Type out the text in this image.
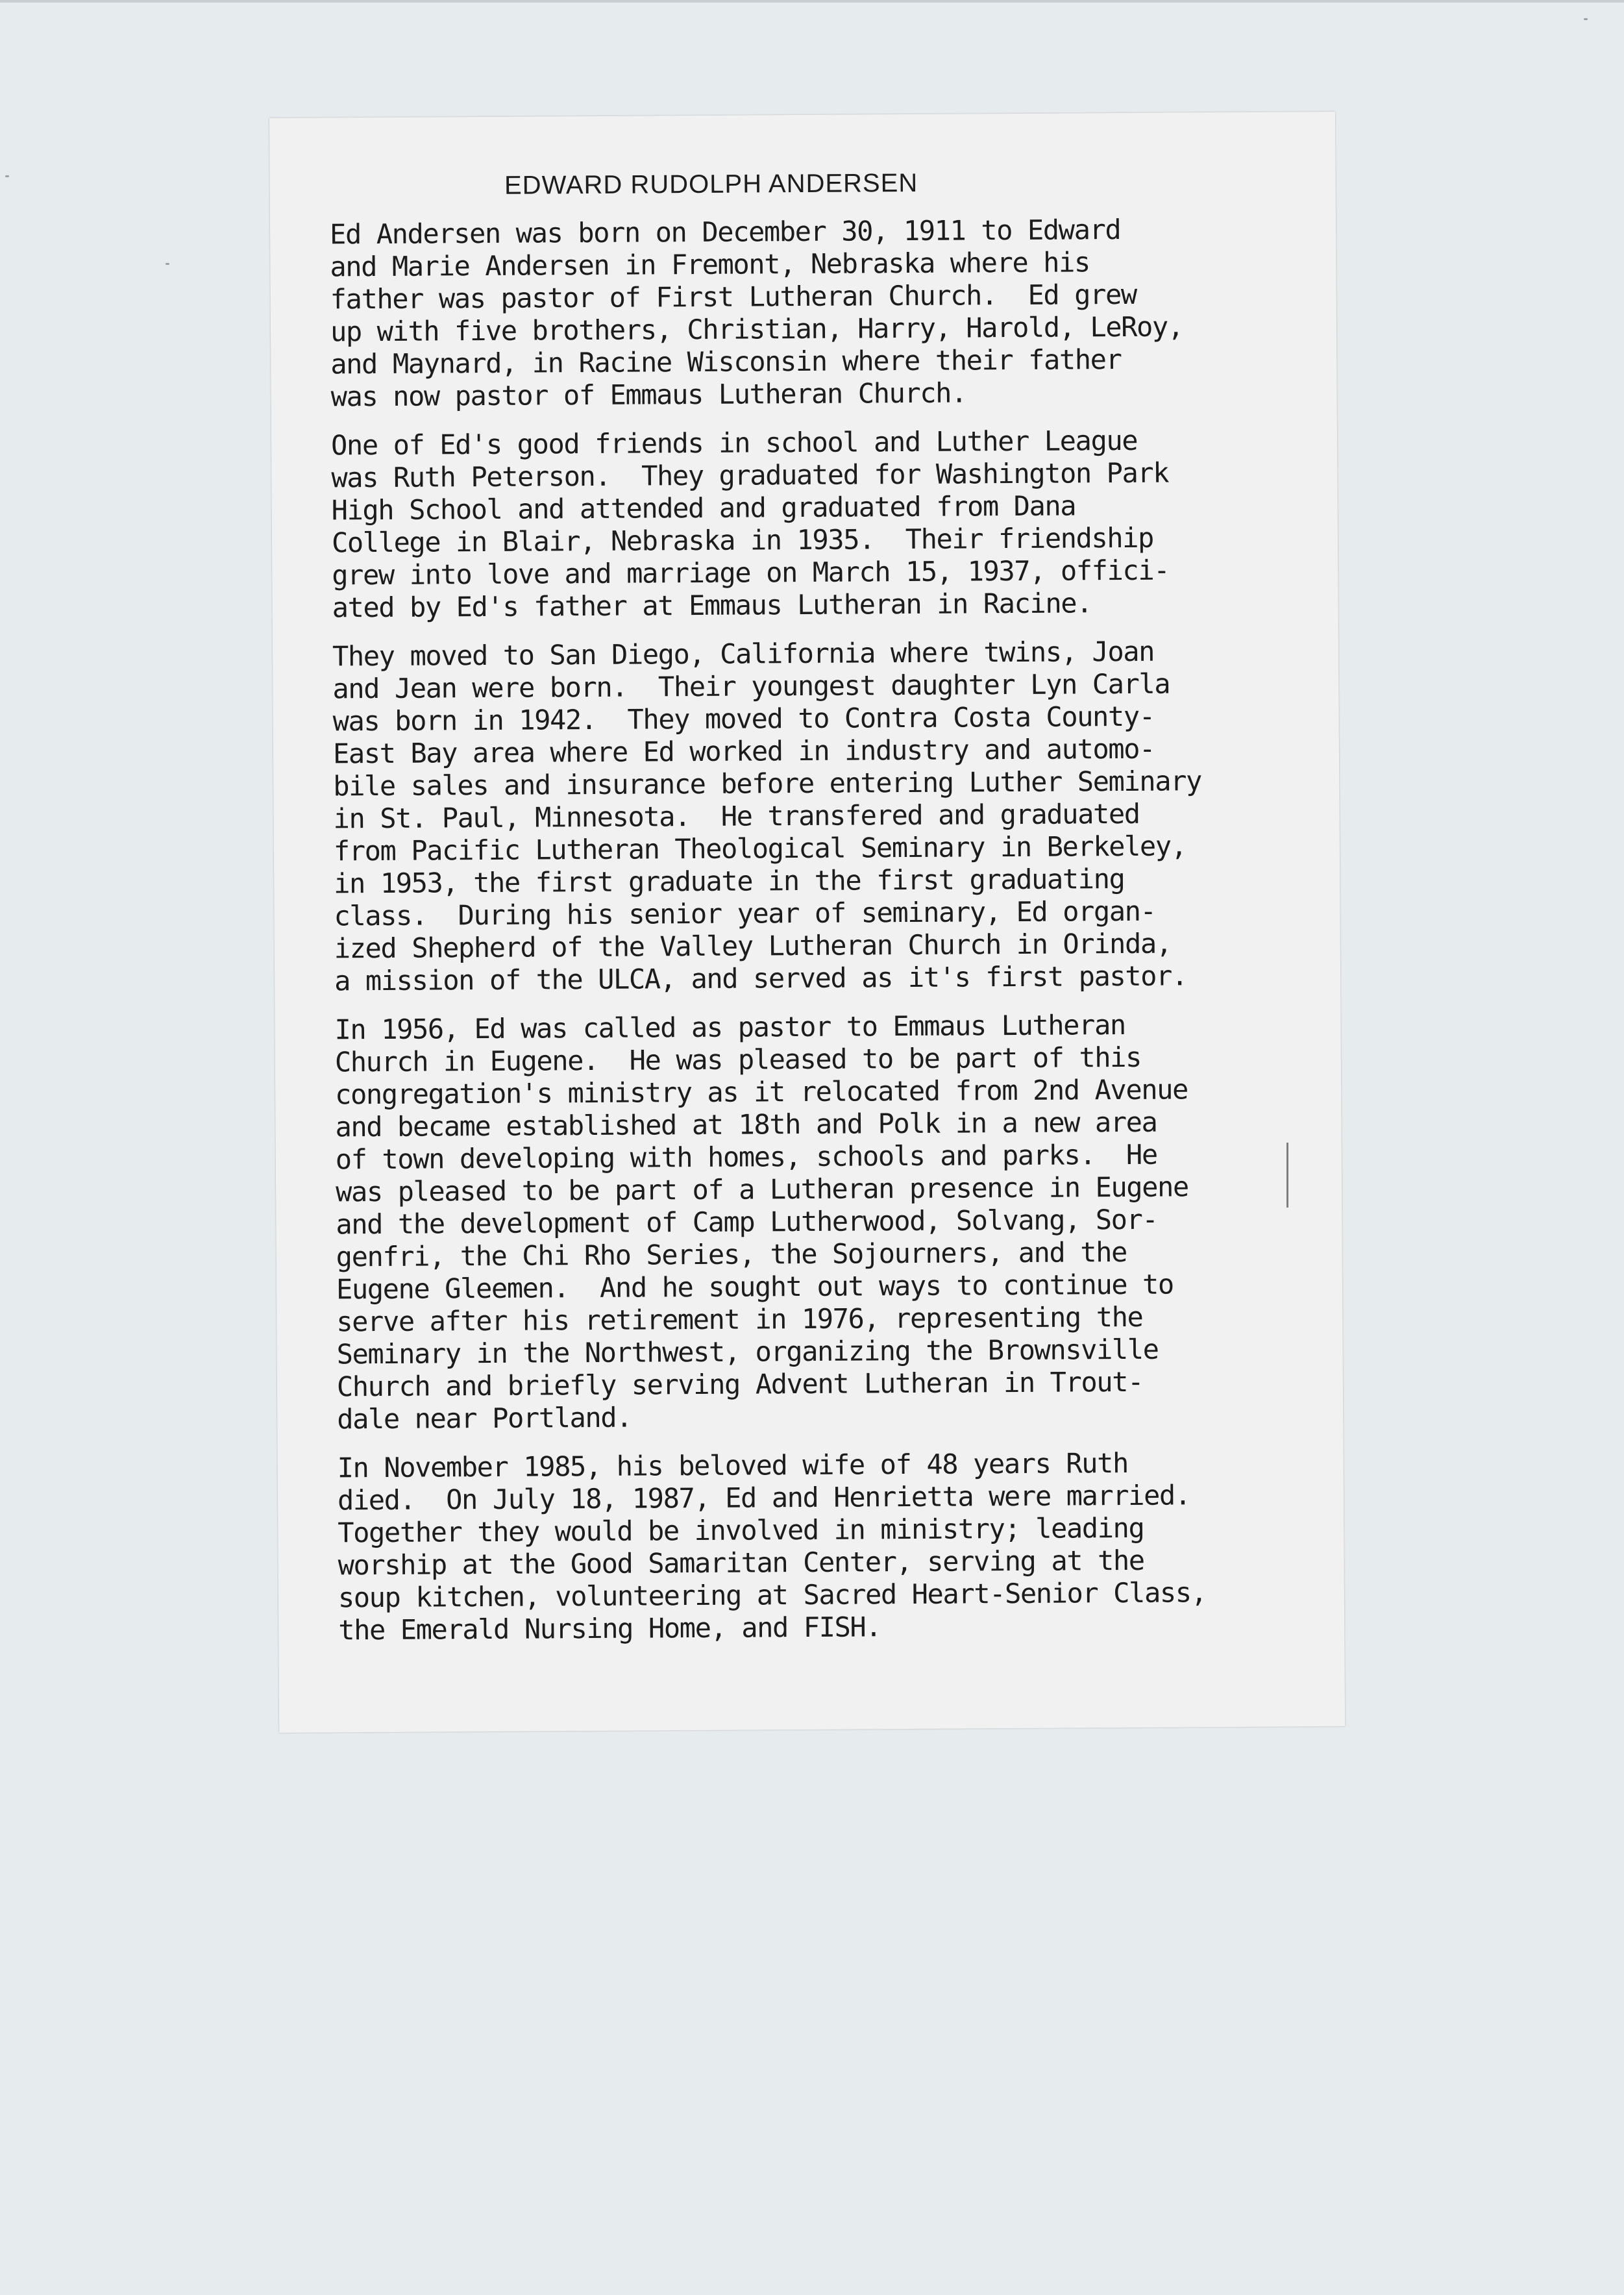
EDWARD RUDOLPH ANDERSEN
Ed Andersen was born on December 30, 1911 to Edward
and Marie Andersen in Fremont, Nebraska where his
father was pastor of First Lutheran Church.  Ed grew
up with five brothers, Christian, Harry, Harold, LeRoy,
and Maynard, in Racine Wisconsin where their father
was now pastor of Emmaus Lutheran Church.
One of Ed's good friends in school and Luther League
was Ruth Peterson.  They graduated for Washington Park
High School and attended and graduated from Dana
College in Blair, Nebraska in 1935.  Their friendship
grew into love and marriage on March 15, 1937, offici-
ated by Ed's father at Emmaus Lutheran in Racine.
They moved to San Diego, California where twins, Joan
and Jean were born.  Their youngest daughter Lyn Carla
was born in 1942.  They moved to Contra Costa County-
East Bay area where Ed worked in industry and automo-
bile sales and insurance before entering Luther Seminary
in St. Paul, Minnesota.  He transfered and graduated
from Pacific Lutheran Theological Seminary in Berkeley,
in 1953, the first graduate in the first graduating
class.  During his senior year of seminary, Ed organ-
ized Shepherd of the Valley Lutheran Church in Orinda,
a mission of the ULCA, and served as it's first pastor.
In 1956, Ed was called as pastor to Emmaus Lutheran
Church in Eugene.  He was pleased to be part of this
congregation's ministry as it relocated from 2nd Avenue
and became established at 18th and Polk in a new area
of town developing with homes, schools and parks.  He
was pleased to be part of a Lutheran presence in Eugene
and the development of Camp Lutherwood, Solvang, Sor-
genfri, the Chi Rho Series, the Sojourners, and the
Eugene Gleemen.  And he sought out ways to continue to
serve after his retirement in 1976, representing the
Seminary in the Northwest, organizing the Brownsville
Church and briefly serving Advent Lutheran in Trout-
dale near Portland.
In November 1985, his beloved wife of 48 years Ruth
died.  On July 18, 1987, Ed and Henrietta were married.
Together they would be involved in ministry; leading
worship at the Good Samaritan Center, serving at the
soup kitchen, volunteering at Sacred Heart-Senior Class,
the Emerald Nursing Home, and FISH.
